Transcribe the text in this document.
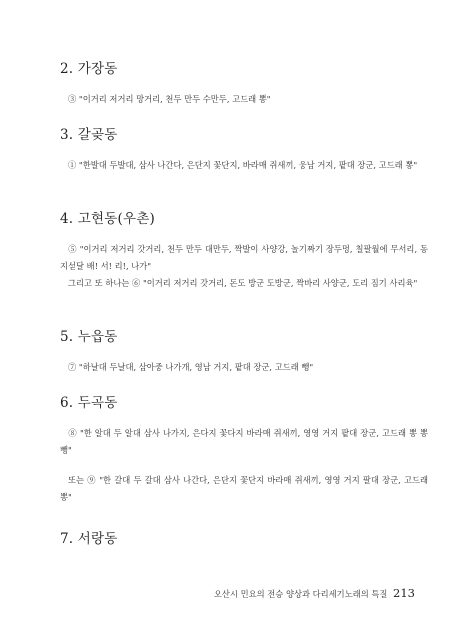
2. 가장동
③ "이거리 저거리 망거리, 천두 만두 수만두, 고드래 뽕"
3. 갈곶동
① "한발대 두발대, 삼사 나간다, 은단지 꽃단지, 바라매 쥐새끼, 웅남 거지, 팥대 장군, 고드래 뽕"
4. 고현동(우촌)
⑤ "이거리 저거리 갓거리, 천두 만두 대만두, 짝발이 사양강, 놀기짜기 장두멍, 칠팔월에 무서리, 동지섣달 배! 서! 리!, 나가"
그리고 또 하나는 ⑥ "이거리 저거리 갓거리, 돈도 방군 도방군, 짝바리 사양군, 도리 짐기 사리육"
5. 누읍동
⑦ "하날대 두날대, 삼아중 나가개, 영남 거지, 팥대 장군, 고드래 뺑"
6. 두곡동
⑧ "한 알대 두 알대 삼사 나가지, 은다지 꽃다지 바라매 쥐새끼, 영영 거지 팥대 장군, 고드래 뽕 뽕 뺑"
또는 ⑨ "한 갈대 두 갈대 삼사 나간다, 은단지 꽃단지 바라매 쥐새끼, 영영 거지 팔대 장군, 고드래 뽕"
7. 서랑동
오산시 민요의 전승 양상과 다리세기노래의 특질 213
